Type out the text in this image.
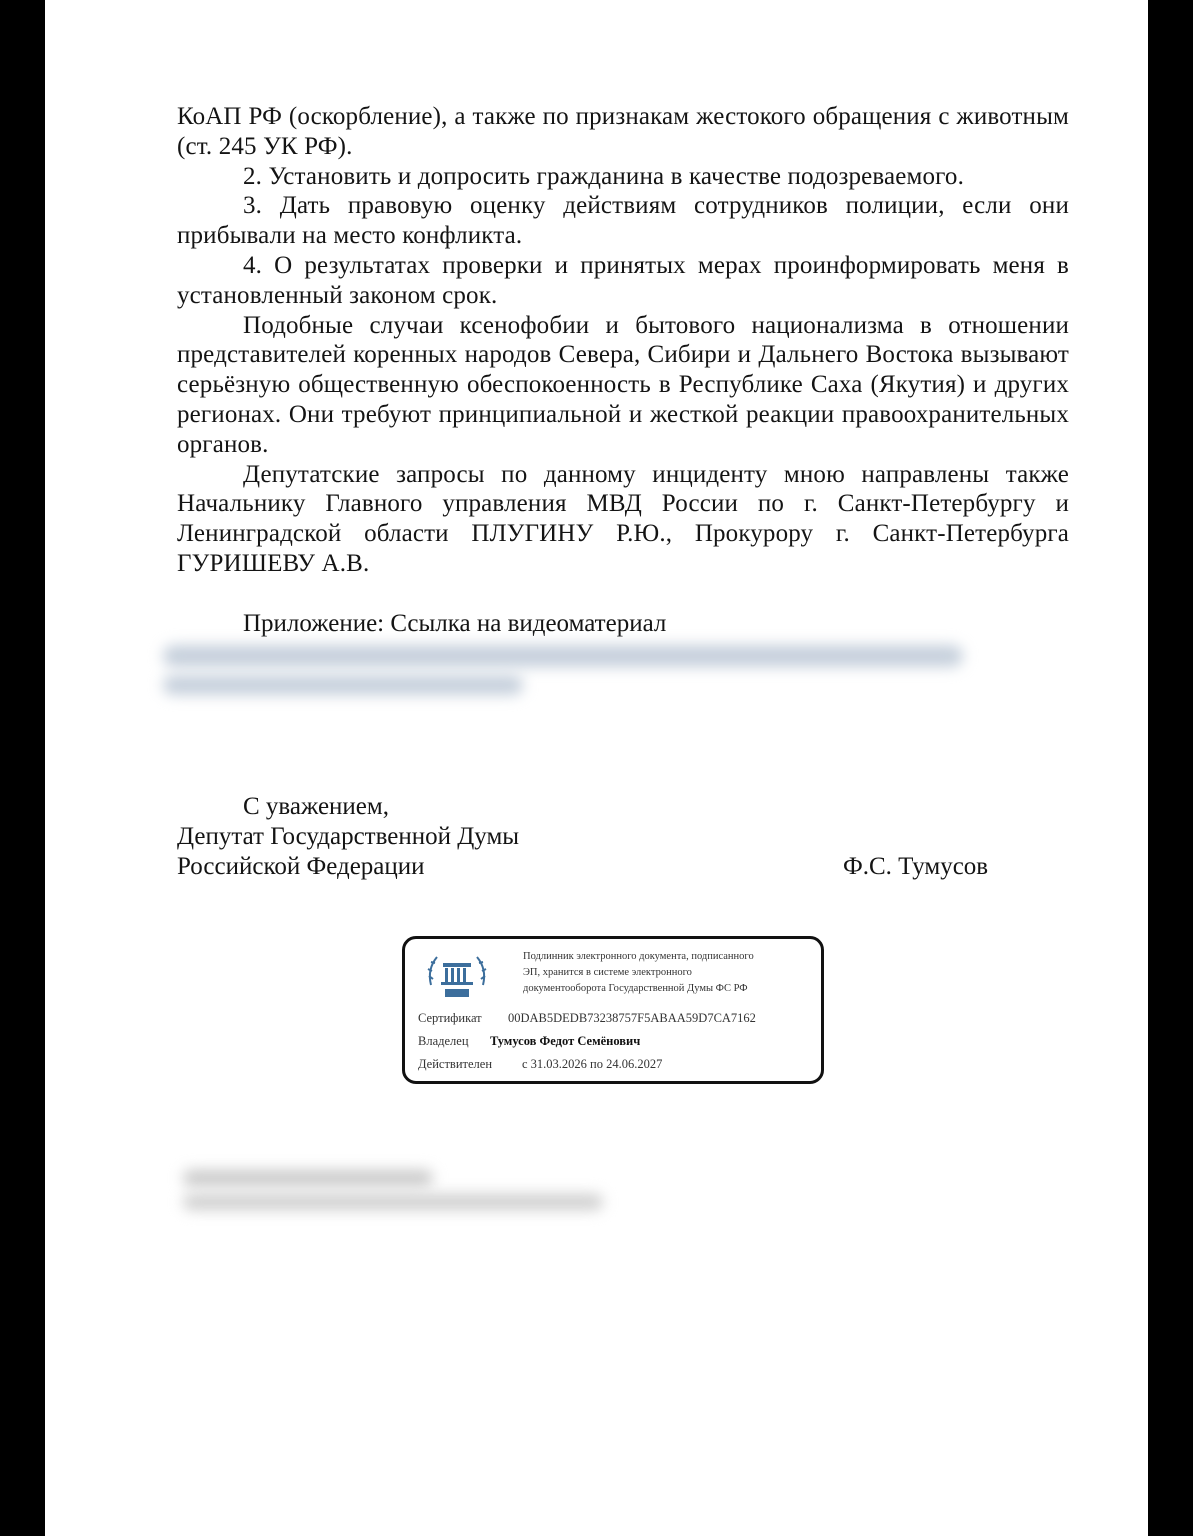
КоАП РФ (оскорбление), а также по признакам жестокого обращения с животным (ст. 245 УК РФ).

2. Установить и допросить гражданина в качестве подозреваемого.

3. Дать правовую оценку действиям сотрудников полиции, если они прибывали на место конфликта.

4. О результатах проверки и принятых мерах проинформировать меня в установленный законом срок.

Подобные случаи ксенофобии и бытового национализма в отношении представителей коренных народов Севера, Сибири и Дальнего Востока вызывают серьёзную общественную обеспокоенность в Республике Саха (Якутия) и других регионах. Они требуют принципиальной и жесткой реакции правоохранительных органов.

Депутатские запросы по данному инциденту мною направлены также Начальнику Главного управления МВД России по г. Санкт-Петербургу и Ленинградской области ПЛУГИНУ Р.Ю., Прокурору г. Санкт-Петербурга ГУРИШЕВУ А.В.

Приложение: Ссылка на видеоматериал
С уважением,
Депутат Государственной Думы
Российской Федерации	Ф.С. Тумусов
Подлинник электронного документа, подписанного
ЭП, хранится в системе электронного
документооборота Государственной Думы ФС РФ
Сертификат 00DAB5DEDB73238757F5ABAA59D7CA7162
Владелец Тумусов Федот Семёнович
Действителен с 31.03.2026 по 24.06.2027
